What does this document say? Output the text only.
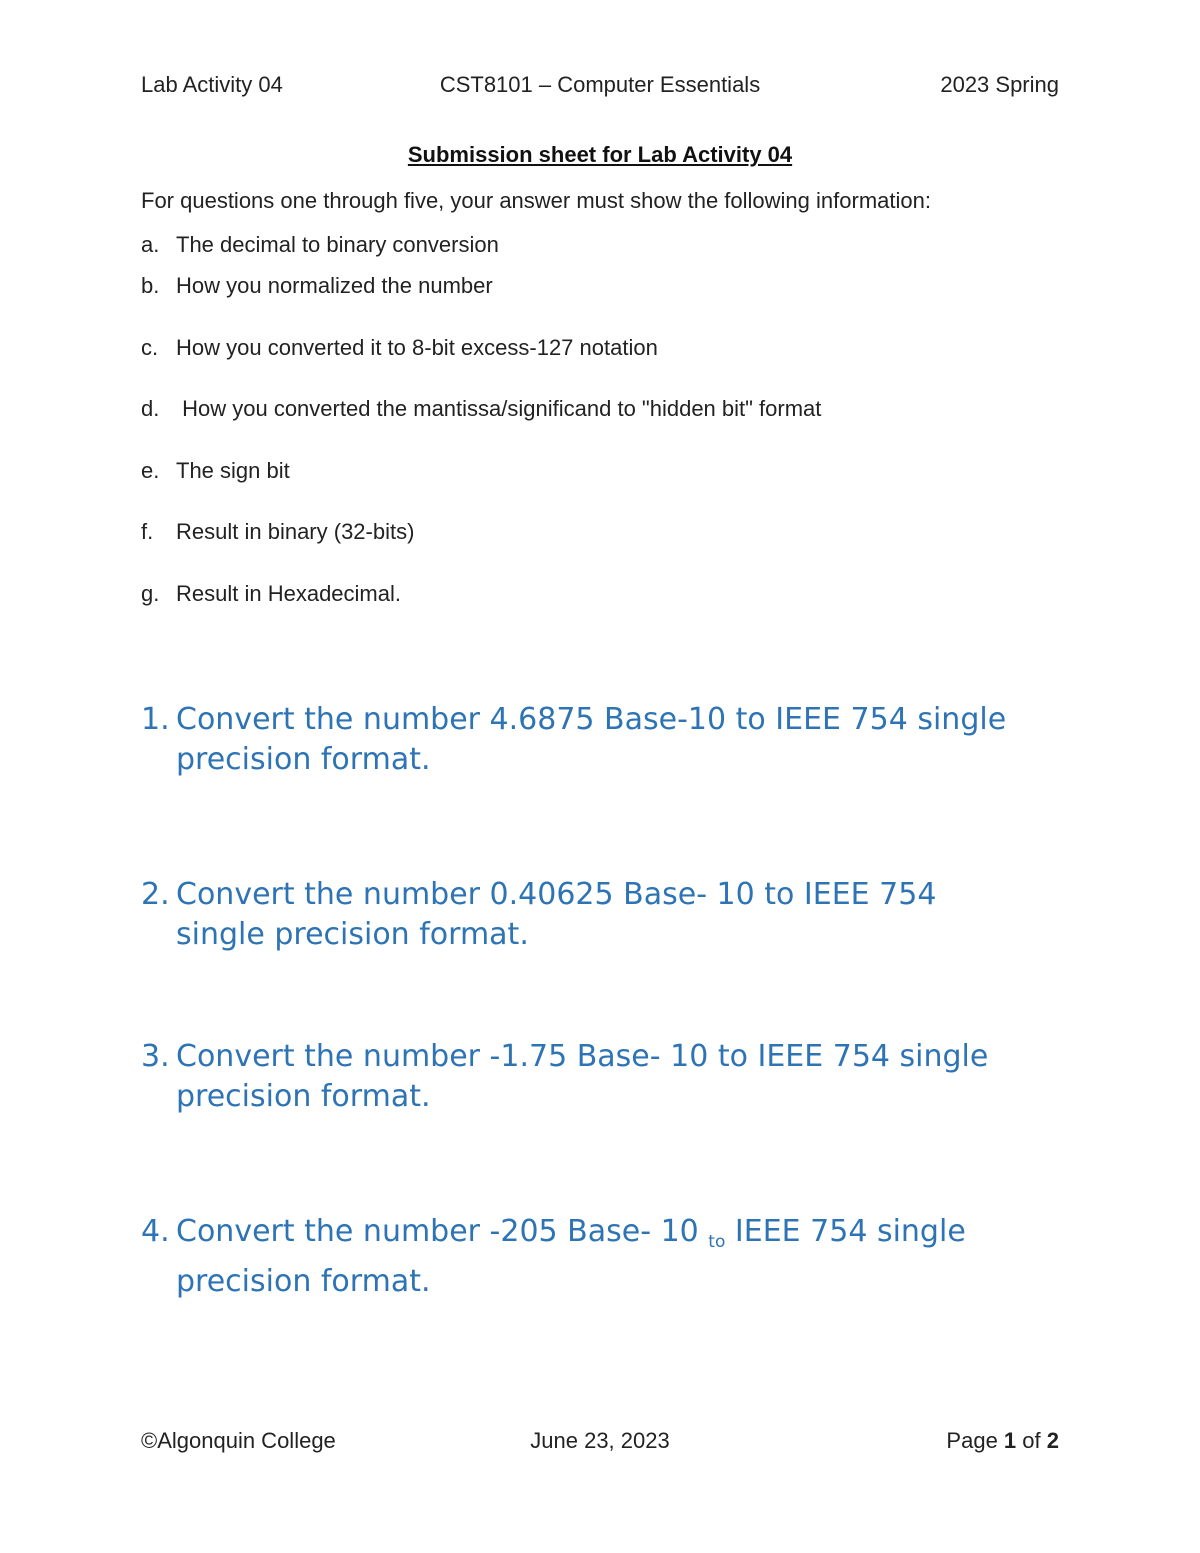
Lab Activity 04	CST8101 – Computer Essentials	2023 Spring
Submission sheet for Lab Activity 04
For questions one through five, your answer must show the following information:
a. The decimal to binary conversion
b. How you normalized the number
c. How you converted it to 8-bit excess-127 notation
d. How you converted the mantissa/significand to "hidden bit" format
e. The sign bit
f. Result in binary (32-bits)
g. Result in Hexadecimal.
1. Convert the number 4.6875 Base-10 to IEEE 754 single
precision format.
2. Convert the number 0.40625 Base- 10 to IEEE 754
single precision format.
3. Convert the number -1.75 Base- 10 to IEEE 754 single
precision format.
4. Convert the number -205 Base- 10 $_{to}$ IEEE 754 single
precision format.
©Algonquin College	June 23, 2023	Page 1 of 2
